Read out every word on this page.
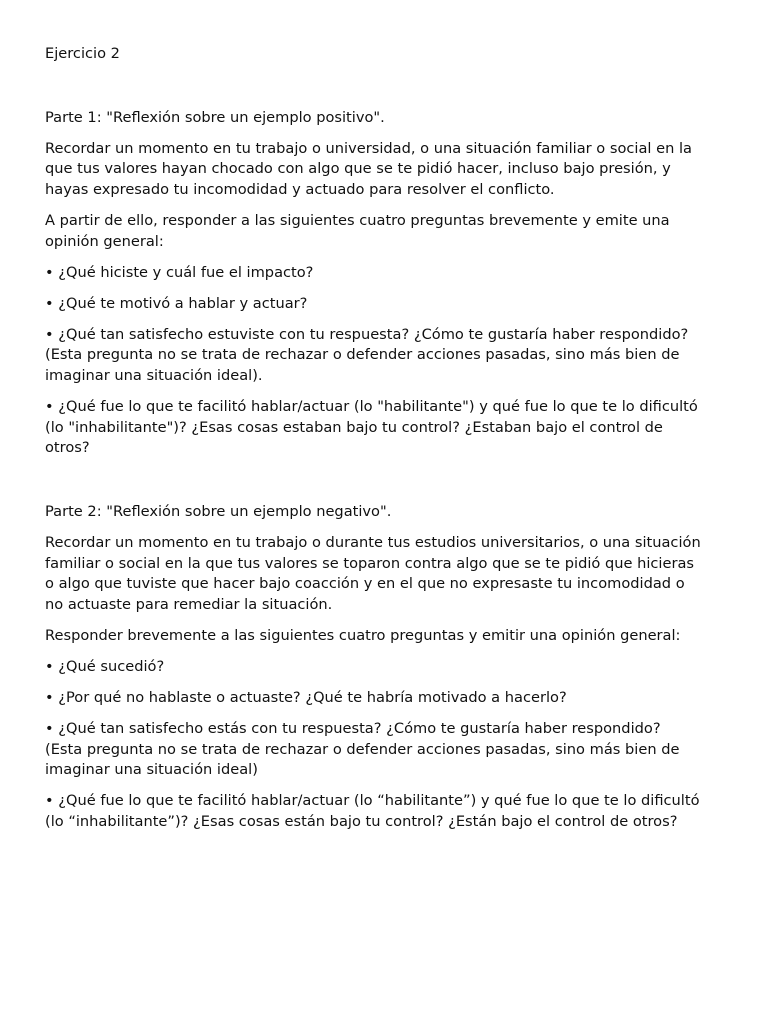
Ejercicio 2

Parte 1: "Reflexión sobre un ejemplo positivo".

Recordar un momento en tu trabajo o universidad, o una situación familiar o social en la
que tus valores hayan chocado con algo que se te pidió hacer, incluso bajo presión, y
hayas expresado tu incomodidad y actuado para resolver el conflicto.

A partir de ello, responder a las siguientes cuatro preguntas brevemente y emite una
opinión general:

• ¿Qué hiciste y cuál fue el impacto?

• ¿Qué te motivó a hablar y actuar?

• ¿Qué tan satisfecho estuviste con tu respuesta? ¿Cómo te gustaría haber respondido?
(Esta pregunta no se trata de rechazar o defender acciones pasadas, sino más bien de
imaginar una situación ideal).

• ¿Qué fue lo que te facilitó hablar/actuar (lo "habilitante") y qué fue lo que te lo dificultó
(lo "inhabilitante")? ¿Esas cosas estaban bajo tu control? ¿Estaban bajo el control de
otros?

Parte 2: "Reflexión sobre un ejemplo negativo".

Recordar un momento en tu trabajo o durante tus estudios universitarios, o una situación
familiar o social en la que tus valores se toparon contra algo que se te pidió que hicieras
o algo que tuviste que hacer bajo coacción y en el que no expresaste tu incomodidad o
no actuaste para remediar la situación.

Responder brevemente a las siguientes cuatro preguntas y emitir una opinión general:

• ¿Qué sucedió?

• ¿Por qué no hablaste o actuaste? ¿Qué te habría motivado a hacerlo?

• ¿Qué tan satisfecho estás con tu respuesta? ¿Cómo te gustaría haber respondido?
(Esta pregunta no se trata de rechazar o defender acciones pasadas, sino más bien de
imaginar una situación ideal)

• ¿Qué fue lo que te facilitó hablar/actuar (lo “habilitante”) y qué fue lo que te lo dificultó
(lo “inhabilitante”)? ¿Esas cosas están bajo tu control? ¿Están bajo el control de otros?
